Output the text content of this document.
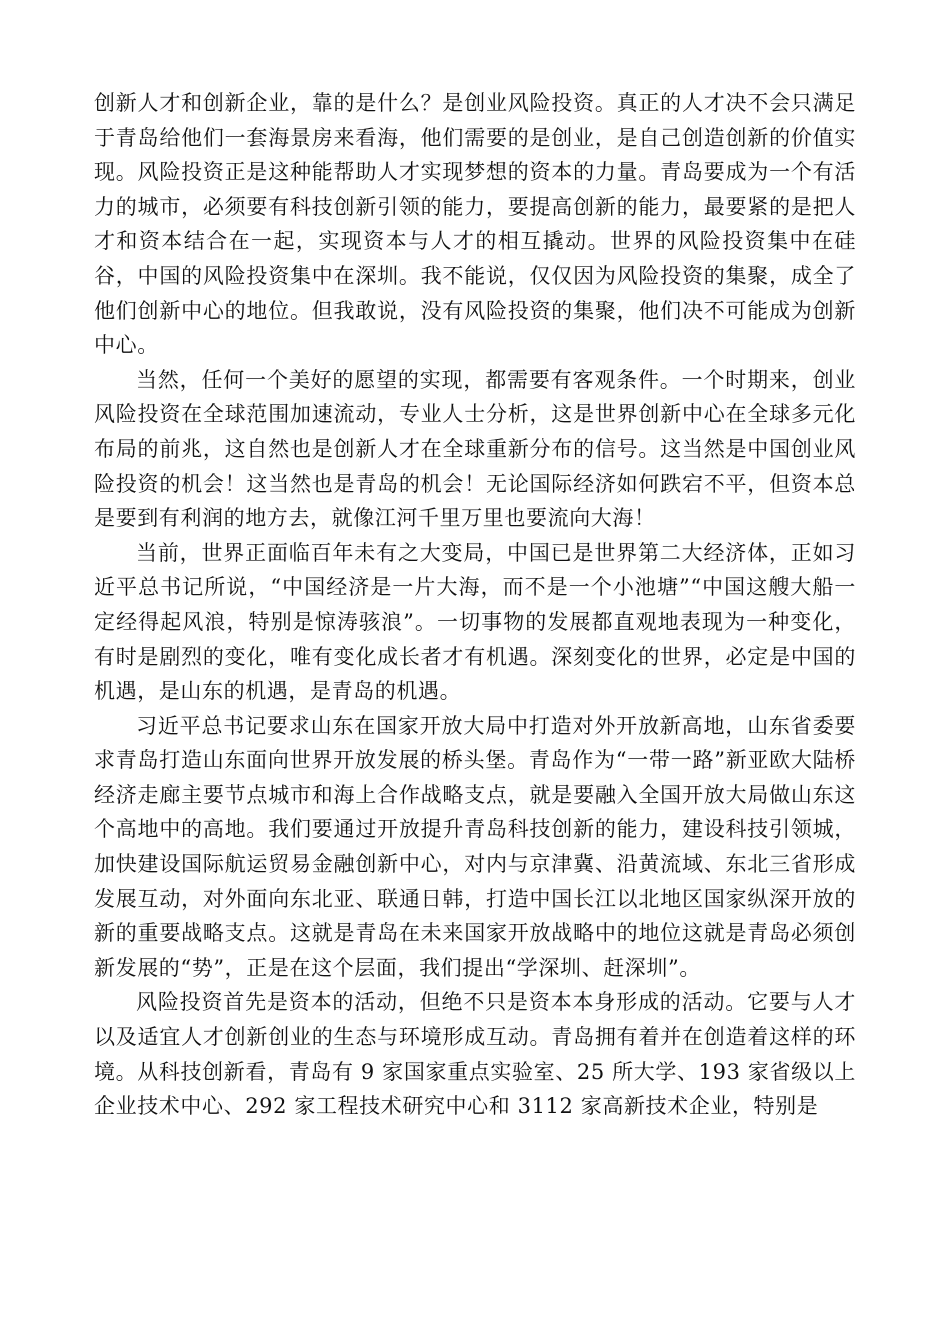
创新人才和创新企业，靠的是什么？是创业风险投资。真正的人才决不会只满足于青岛给他们一套海景房来看海，他们需要的是创业，是自己创造创新的价值实现。风险投资正是这种能帮助人才实现梦想的资本的力量。青岛要成为一个有活力的城市，必须要有科技创新引领的能力，要提高创新的能力，最要紧的是把人才和资本结合在一起，实现资本与人才的相互撬动。世界的风险投资集中在硅谷，中国的风险投资集中在深圳。我不能说，仅仅因为风险投资的集聚，成全了他们创新中心的地位。但我敢说，没有风险投资的集聚，他们决不可能成为创新中心。

当然，任何一个美好的愿望的实现，都需要有客观条件。一个时期来，创业风险投资在全球范围加速流动，专业人士分析，这是世界创新中心在全球多元化布局的前兆，这自然也是创新人才在全球重新分布的信号。这当然是中国创业风险投资的机会！这当然也是青岛的机会！无论国际经济如何跌宕不平，但资本总是要到有利润的地方去，就像江河千里万里也要流向大海！

当前，世界正面临百年未有之大变局，中国已是世界第二大经济体，正如习近平总书记所说，“中国经济是一片大海，而不是一个小池塘”“中国这艘大船一定经得起风浪，特别是惊涛骇浪”。一切事物的发展都直观地表现为一种变化，有时是剧烈的变化，唯有变化成长者才有机遇。深刻变化的世界，必定是中国的机遇，是山东的机遇，是青岛的机遇。

习近平总书记要求山东在国家开放大局中打造对外开放新高地，山东省委要求青岛打造山东面向世界开放发展的桥头堡。青岛作为“一带一路”新亚欧大陆桥经济走廊主要节点城市和海上合作战略支点，就是要融入全国开放大局做山东这个高地中的高地。我们要通过开放提升青岛科技创新的能力，建设科技引领城，加快建设国际航运贸易金融创新中心，对内与京津冀、沿黄流域、东北三省形成发展互动，对外面向东北亚、联通日韩，打造中国长江以北地区国家纵深开放的新的重要战略支点。这就是青岛在未来国家开放战略中的地位这就是青岛必须创新发展的“势”，正是在这个层面，我们提出“学深圳、赶深圳”。

风险投资首先是资本的活动，但绝不只是资本本身形成的活动。它要与人才以及适宜人才创新创业的生态与环境形成互动。青岛拥有着并在创造着这样的环境。从科技创新看，青岛有 9 家国家重点实验室、25 所大学、193 家省级以上企业技术中心、292 家工程技术研究中心和 3112 家高新技术企业，特别是
